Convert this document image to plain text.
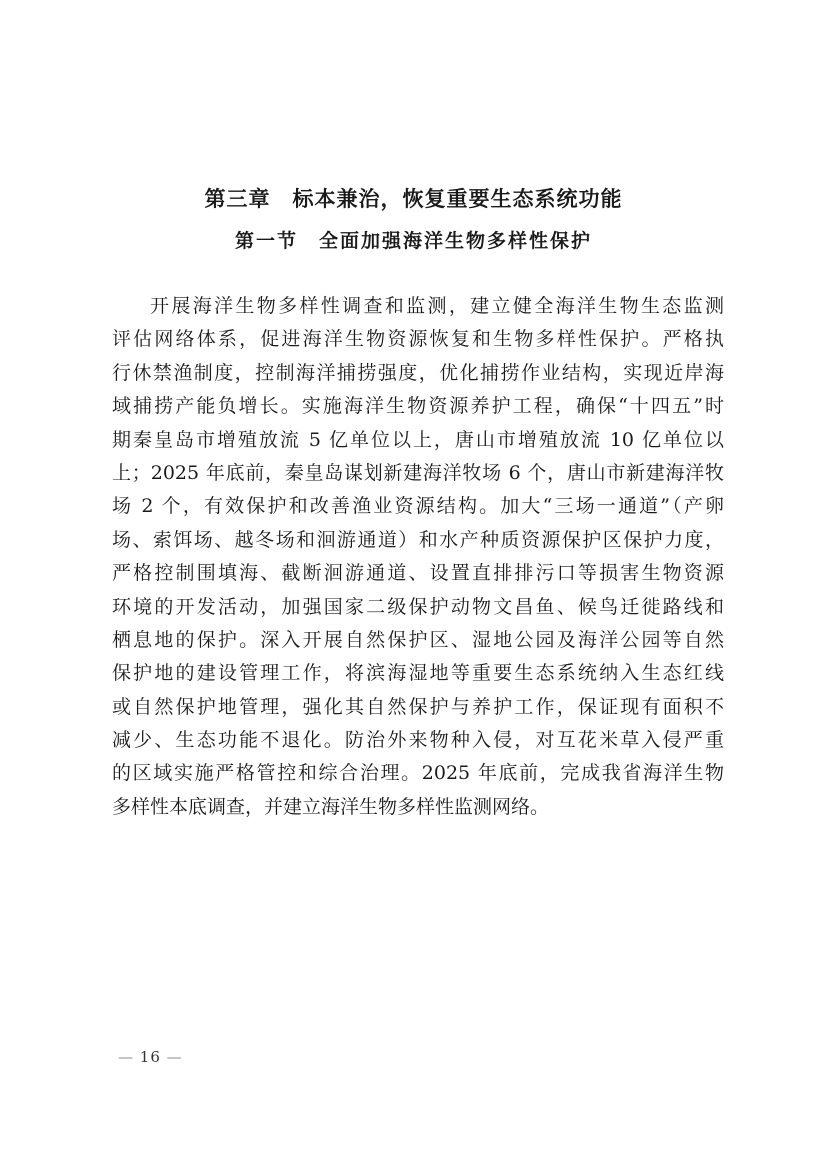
第三章　标本兼治，恢复重要生态系统功能
第一节　全面加强海洋生物多样性保护
开展海洋生物多样性调查和监测，建立健全海洋生物生态监测
评估网络体系，促进海洋生物资源恢复和生物多样性保护。严格执
行休禁渔制度，控制海洋捕捞强度，优化捕捞作业结构，实现近岸海
域捕捞产能负增长。实施海洋生物资源养护工程，确保“十四五”时
期秦皇岛市增殖放流 5 亿单位以上，唐山市增殖放流 10 亿单位以
上；2025 年底前，秦皇岛谋划新建海洋牧场 6 个，唐山市新建海洋牧
场 2 个，有效保护和改善渔业资源结构。加大“三场一通道”（产卵
场、索饵场、越冬场和洄游通道）和水产种质资源保护区保护力度，
严格控制围填海、截断洄游通道、设置直排排污口等损害生物资源
环境的开发活动，加强国家二级保护动物文昌鱼、候鸟迁徙路线和
栖息地的保护。深入开展自然保护区、湿地公园及海洋公园等自然
保护地的建设管理工作，将滨海湿地等重要生态系统纳入生态红线
或自然保护地管理，强化其自然保护与养护工作，保证现有面积不
减少、生态功能不退化。防治外来物种入侵，对互花米草入侵严重
的区域实施严格管控和综合治理。2025 年底前，完成我省海洋生物
多样性本底调查，并建立海洋生物多样性监测网络。
— 16 —
